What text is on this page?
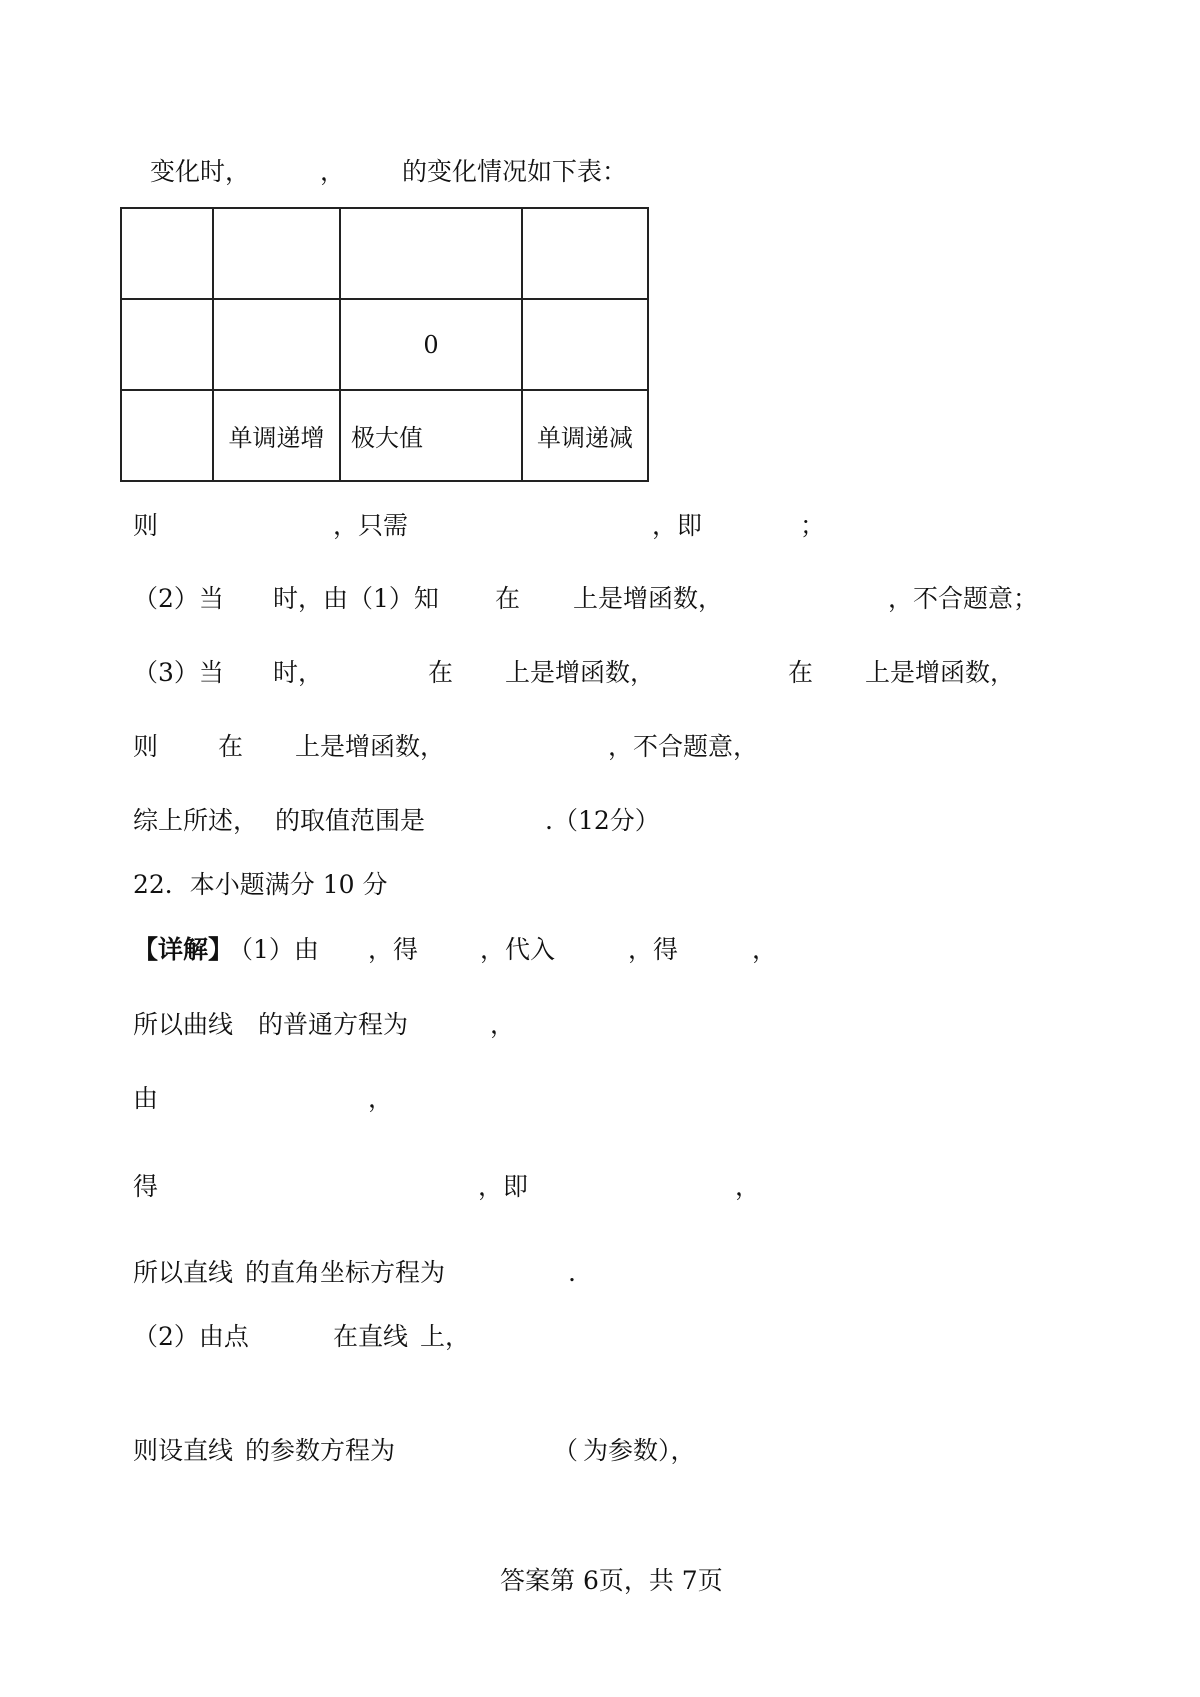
变化时，	， 的变化情况如下表：

		0	
	单调递增	极大值	单调递减
则	，只需	，即	；
（2）当 时，由（1）知 在 上是增函数，	，不合题意；
（3）当 时，	在 上是增函数，	在 上是增函数，
则 在 上是增函数，	，不合题意，
综上所述， 的取值范围是	.（12分）
22．本小题满分 10 分
【详解】
（1）由 ，得 ，代入	，得	，
所以曲线 的普通方程为	，
由	，
得	，即	，
所以直线 的直角坐标方程为	.
（2）由点	在直线 上，
则设直线 的参数方程为	（ 为参数），
答案第 6页，共 7页
